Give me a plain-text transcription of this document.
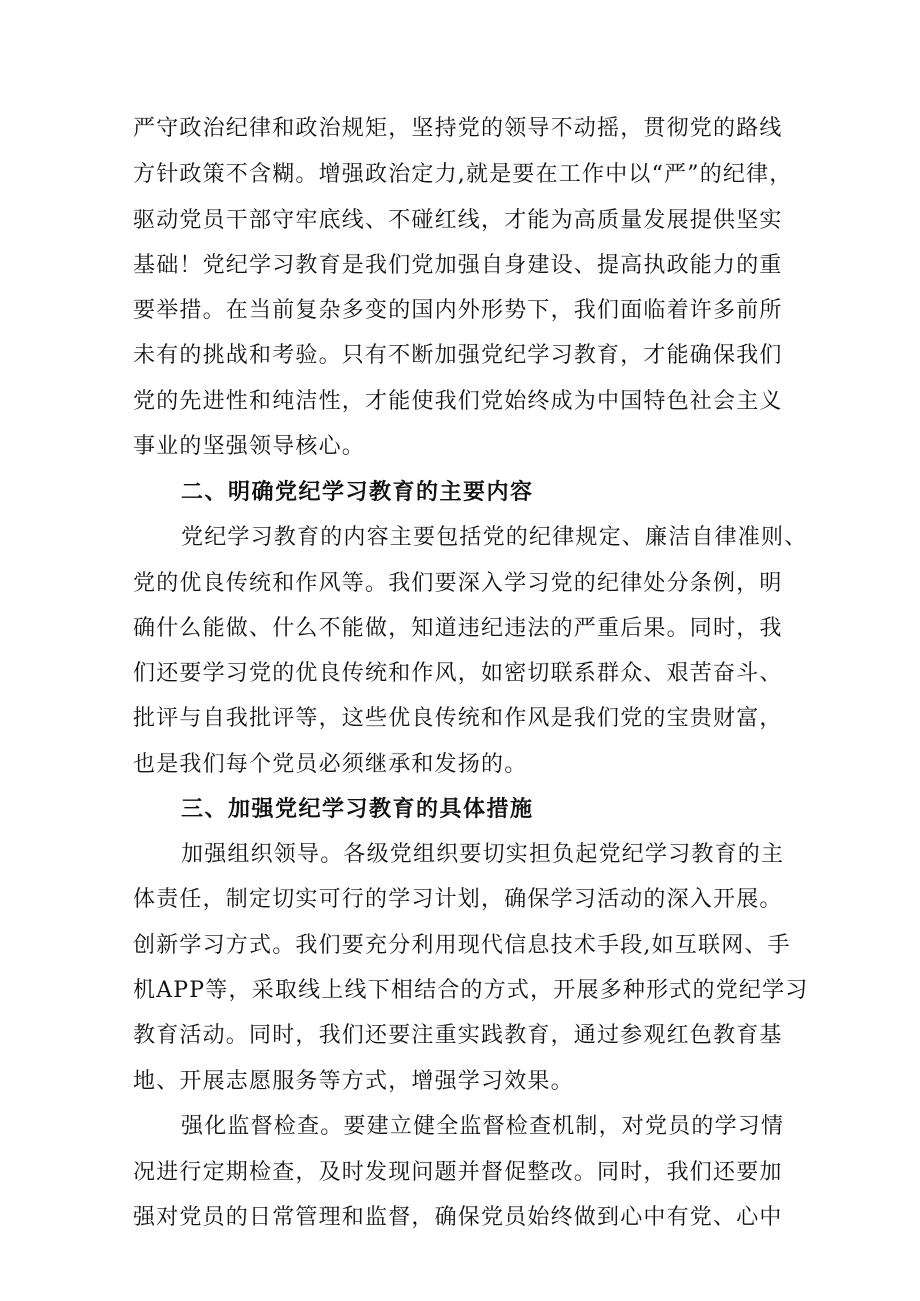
严守政治纪律和政治规矩，坚持党的领导不动摇，贯彻党的路线
方针政策不含糊。增强政治定力,就是要在工作中以“严”的纪律，
驱动党员干部守牢底线、不碰红线，才能为高质量发展提供坚实
基础！党纪学习教育是我们党加强自身建设、提高执政能力的重
要举措。在当前复杂多变的国内外形势下，我们面临着许多前所
未有的挑战和考验。只有不断加强党纪学习教育，才能确保我们
党的先进性和纯洁性，才能使我们党始终成为中国特色社会主义
事业的坚强领导核心。
二、明确党纪学习教育的主要内容
党纪学习教育的内容主要包括党的纪律规定、廉洁自律准则、
党的优良传统和作风等。我们要深入学习党的纪律处分条例，明
确什么能做、什么不能做，知道违纪违法的严重后果。同时，我
们还要学习党的优良传统和作风，如密切联系群众、艰苦奋斗、
批评与自我批评等，这些优良传统和作风是我们党的宝贵财富，
也是我们每个党员必须继承和发扬的。
三、加强党纪学习教育的具体措施
加强组织领导。各级党组织要切实担负起党纪学习教育的主
体责任，制定切实可行的学习计划，确保学习活动的深入开展。
创新学习方式。我们要充分利用现代信息技术手段,如互联网、手
机APP等，采取线上线下相结合的方式，开展多种形式的党纪学习
教育活动。同时，我们还要注重实践教育，通过参观红色教育基
地、开展志愿服务等方式，增强学习效果。
强化监督检查。要建立健全监督检查机制，对党员的学习情
况进行定期检查，及时发现问题并督促整改。同时，我们还要加
强对党员的日常管理和监督，确保党员始终做到心中有党、心中
